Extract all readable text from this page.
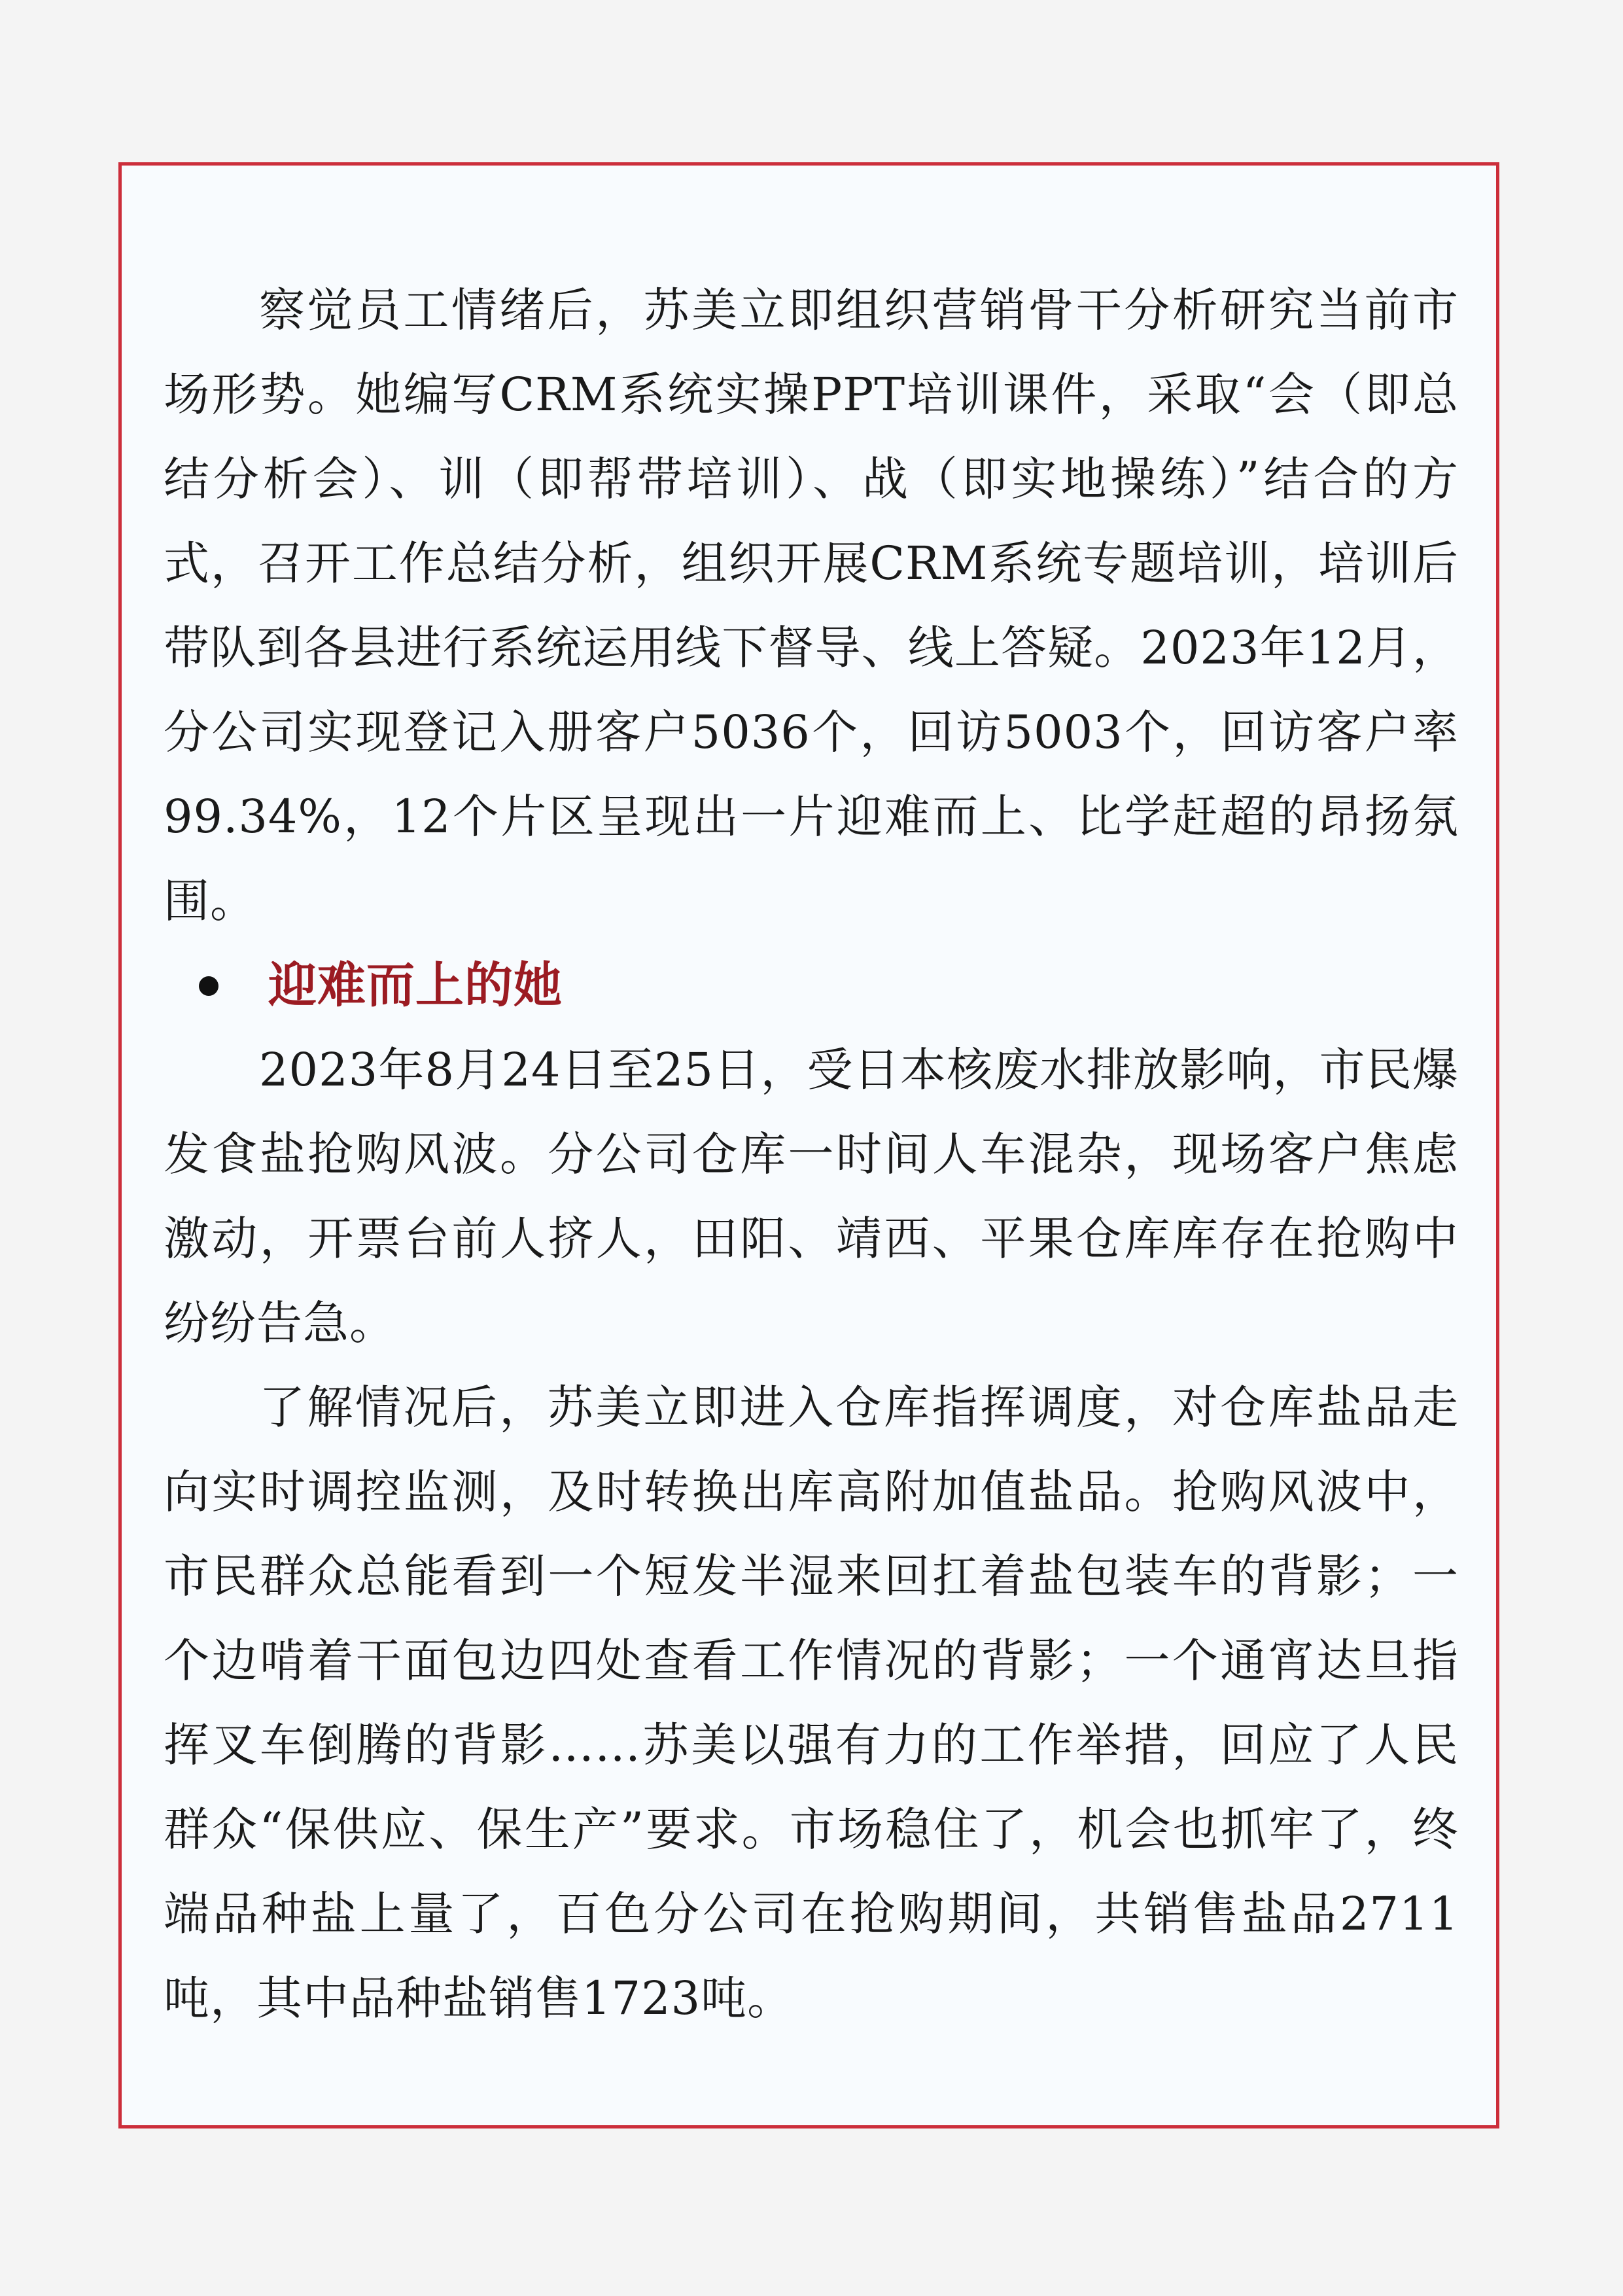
察觉员工情绪后，苏美立即组织营销骨干分析研究当前市场形势。她编写CRM系统实操PPT培训课件，采取“会（即总结分析会）、训（即帮带培训）、战（即实地操练）”结合的方式，召开工作总结分析，组织开展CRM系统专题培训，培训后带队到各县进行系统运用线下督导、线上答疑。2023年12月，分公司实现登记入册客户5036个，回访5003个，回访客户率99.34%，12个片区呈现出一片迎难而上、比学赶超的昂扬氛围。

迎难而上的她

2023年8月24日至25日，受日本核废水排放影响，市民爆发食盐抢购风波。分公司仓库一时间人车混杂，现场客户焦虑激动，开票台前人挤人，田阳、靖西、平果仓库库存在抢购中纷纷告急。

了解情况后，苏美立即进入仓库指挥调度，对仓库盐品走向实时调控监测，及时转换出库高附加值盐品。抢购风波中，市民群众总能看到一个短发半湿来回扛着盐包装车的背影；一个边啃着干面包边四处查看工作情况的背影；一个通宵达旦指挥叉车倒腾的背影……苏美以强有力的工作举措，回应了人民群众“保供应、保生产”要求。市场稳住了，机会也抓牢了，终端品种盐上量了，百色分公司在抢购期间，共销售盐品2711吨，其中品种盐销售1723吨。
